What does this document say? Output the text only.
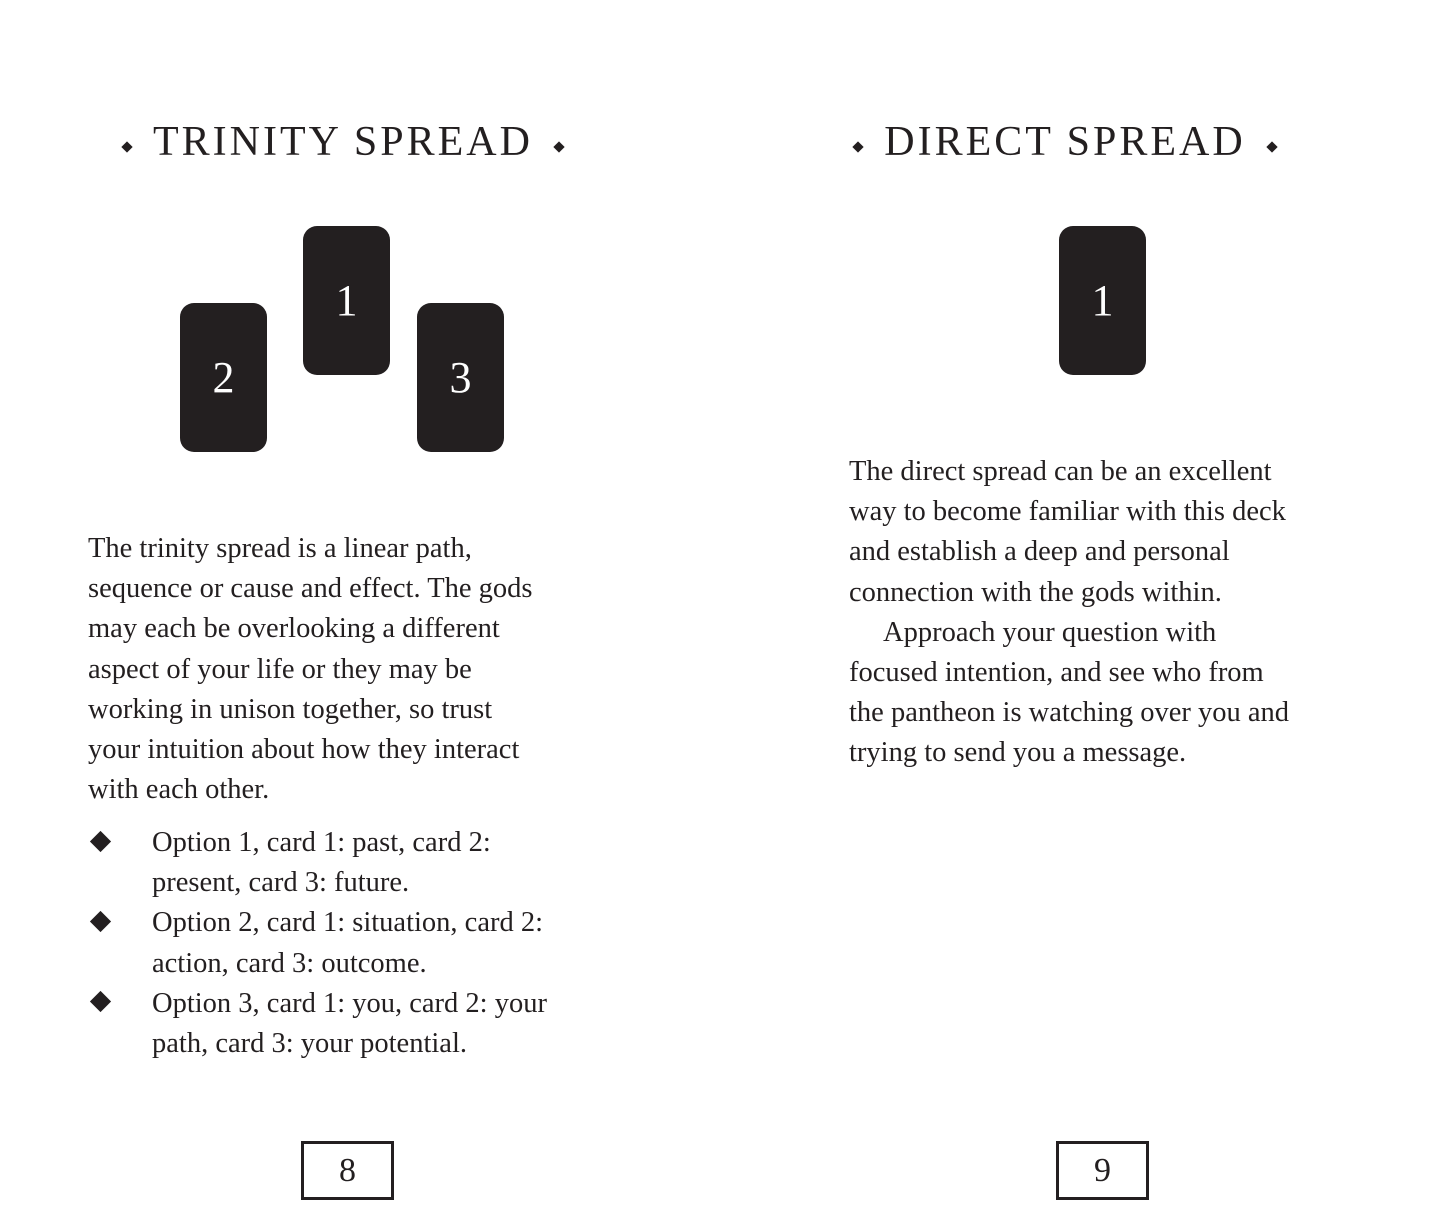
TRINITY SPREAD
1
2	3
The trinity spread is a linear path,
sequence or cause and effect. The gods
may each be overlooking a different
aspect of your life or they may be
working in unison together, so trust
your intuition about how they interact
with each other.
Option 1, card 1: past, card 2:
present, card 3: future.
Option 2, card 1: situation, card 2:
action, card 3: outcome.
Option 3, card 1: you, card 2: your
path, card 3: your potential.
8
DIRECT SPREAD
1
The direct spread can be an excellent
way to become familiar with this deck
and establish a deep and personal
connection with the gods within.
  Approach your question with
focused intention, and see who from
the pantheon is watching over you and
trying to send you a message.
9
